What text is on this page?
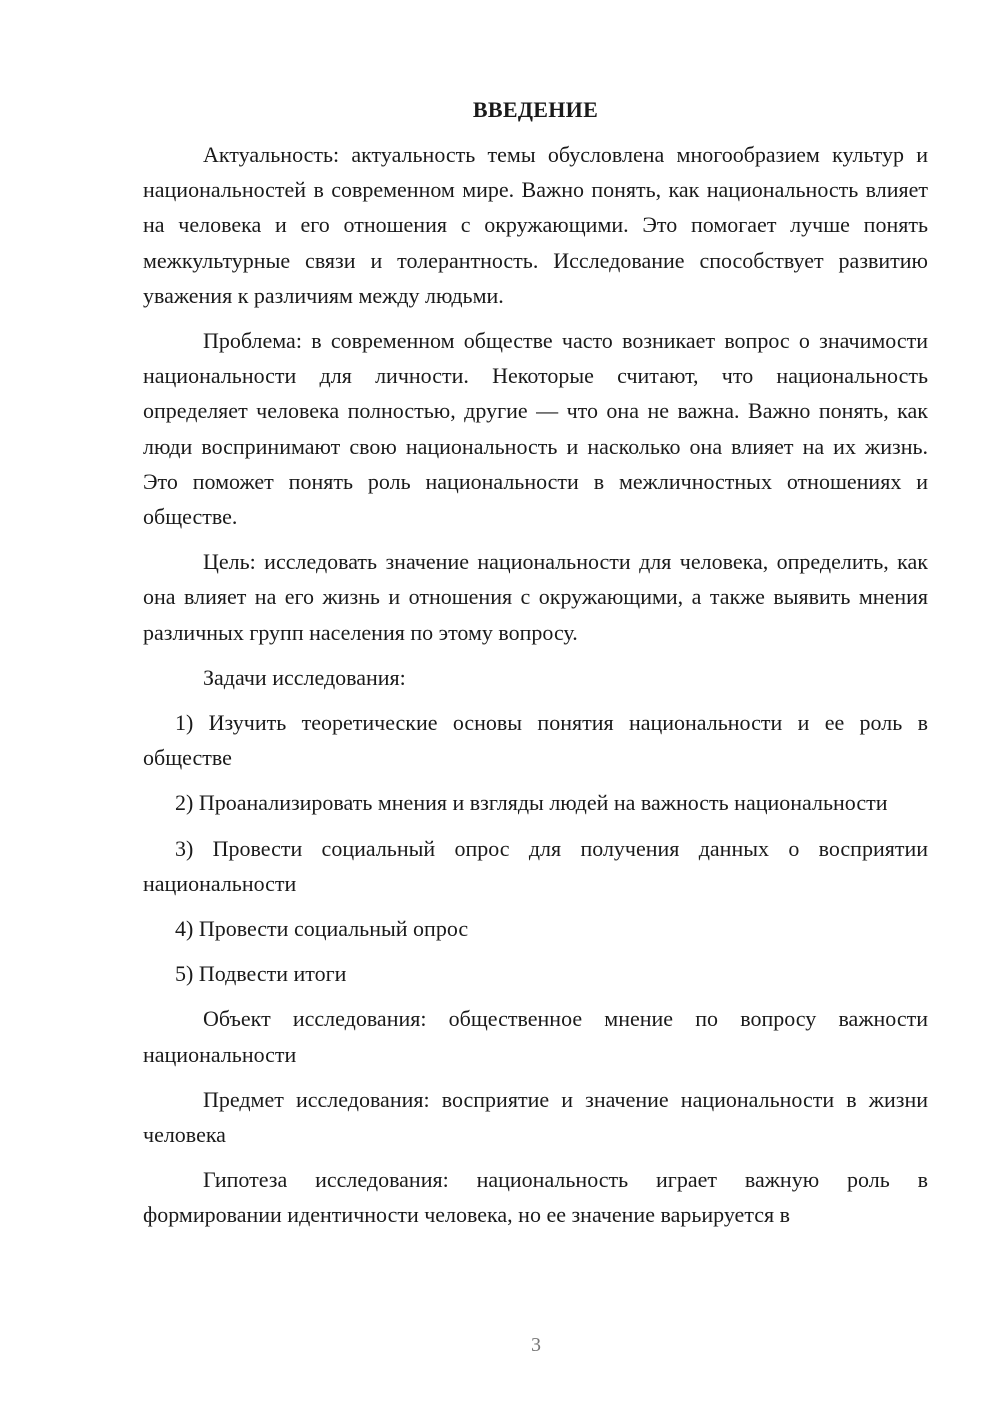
ВВЕДЕНИЕ

Актуальность: актуальность темы обусловлена многообразием культур и национальностей в современном мире. Важно понять, как национальность влияет на человека и его отношения с окружающими. Это помогает лучше понять межкультурные связи и толерантность. Исследование способствует развитию уважения к различиям между людьми.

Проблема: в современном обществе часто возникает вопрос о значимости национальности для личности. Некоторые считают, что национальность определяет человека полностью, другие — что она не важна. Важно понять, как люди воспринимают свою национальность и насколько она влияет на их жизнь. Это поможет понять роль национальности в межличностных отношениях и обществе.

Цель: исследовать значение национальности для человека, определить, как она влияет на его жизнь и отношения с окружающими, а также выявить мнения различных групп населения по этому вопросу.

Задачи исследования:

1) Изучить теоретические основы понятия национальности и ее роль в обществе

2) Проанализировать мнения и взгляды людей на важность национальности

3) Провести социальный опрос для получения данных о восприятии национальности

4) Провести социальный опрос

5) Подвести итоги

Объект исследования: общественное мнение по вопросу важности национальности

Предмет исследования: восприятие и значение национальности в жизни человека

Гипотеза исследования: национальность играет важную роль в формировании идентичности человека, но ее значение варьируется в

3
